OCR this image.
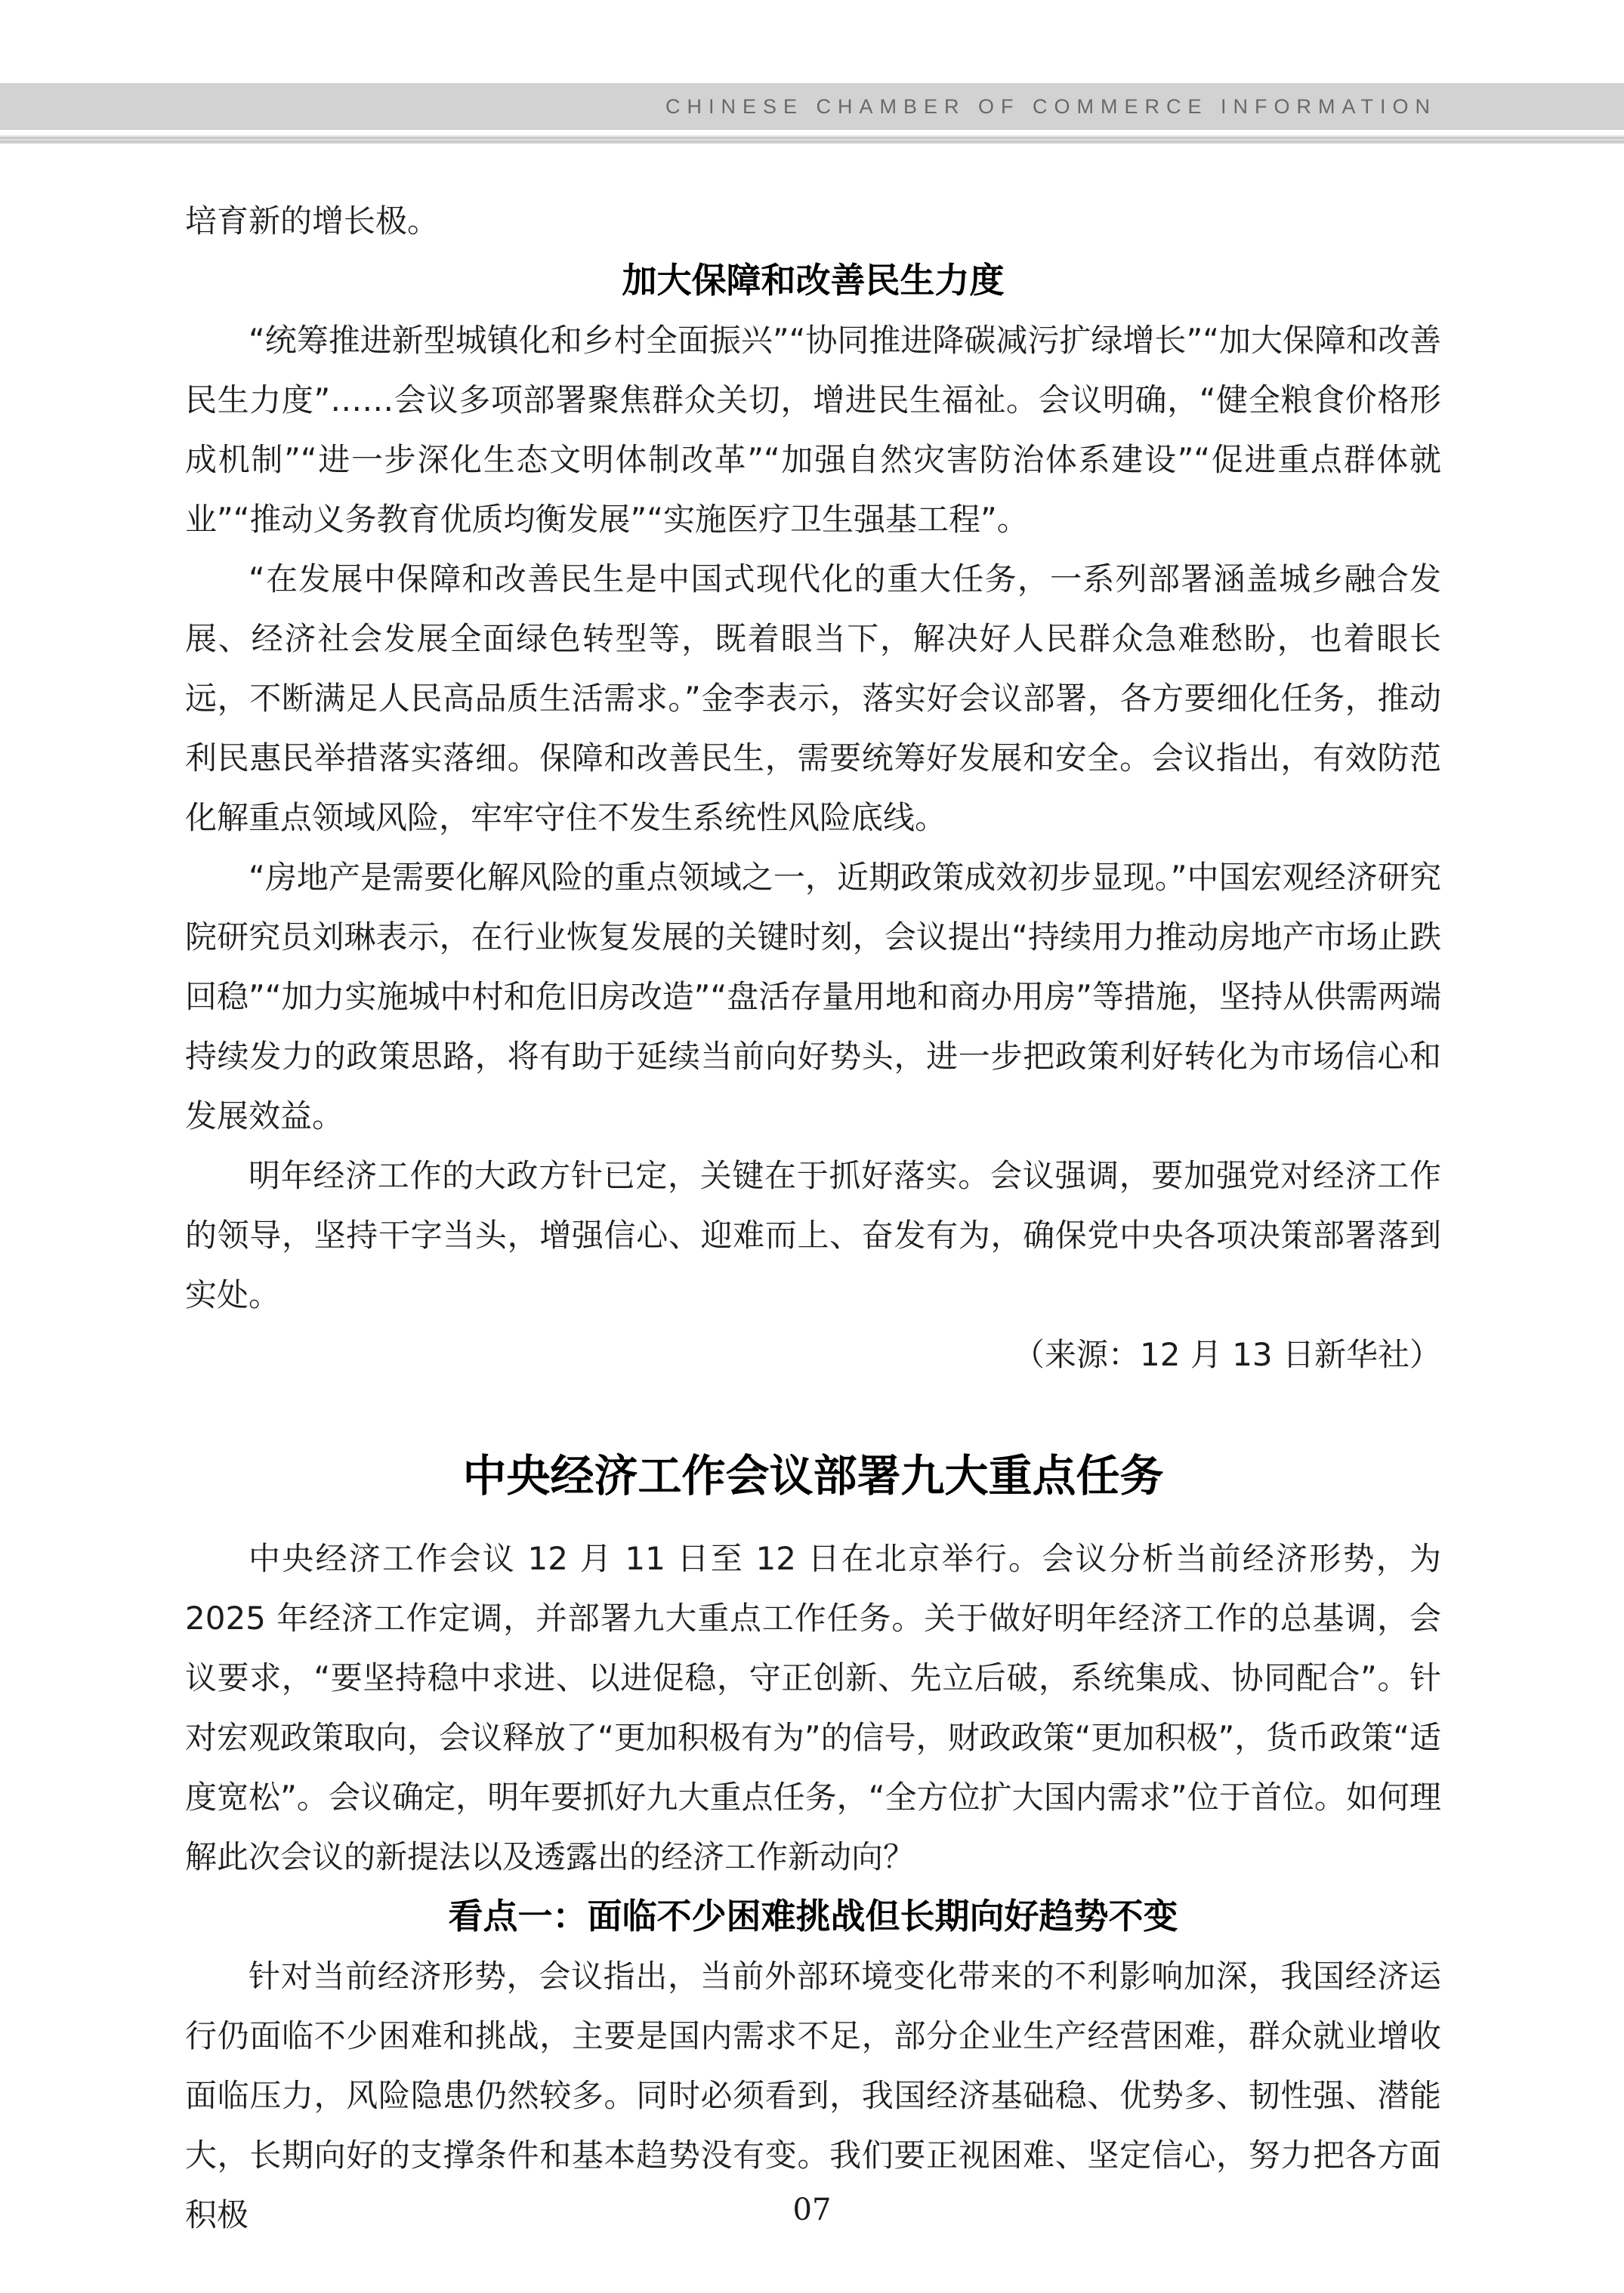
CHINESE CHAMBER OF COMMERCE INFORMATION

培育新的增长极。

加大保障和改善民生力度

“统筹推进新型城镇化和乡村全面振兴”“协同推进降碳减污扩绿增长”“加大保障和改善民生力度”……会议多项部署聚焦群众关切，增进民生福祉。会议明确，“健全粮食价格形成机制”“进一步深化生态文明体制改革”“加强自然灾害防治体系建设”“促进重点群体就业”“推动义务教育优质均衡发展”“实施医疗卫生强基工程”。

“在发展中保障和改善民生是中国式现代化的重大任务，一系列部署涵盖城乡融合发展、经济社会发展全面绿色转型等，既着眼当下，解决好人民群众急难愁盼，也着眼长远，不断满足人民高品质生活需求。”金李表示，落实好会议部署，各方要细化任务，推动利民惠民举措落实落细。保障和改善民生，需要统筹好发展和安全。会议指出，有效防范化解重点领域风险，牢牢守住不发生系统性风险底线。

“房地产是需要化解风险的重点领域之一，近期政策成效初步显现。”中国宏观经济研究院研究员刘琳表示，在行业恢复发展的关键时刻，会议提出“持续用力推动房地产市场止跌回稳”“加力实施城中村和危旧房改造”“盘活存量用地和商办用房”等措施，坚持从供需两端持续发力的政策思路，将有助于延续当前向好势头，进一步把政策利好转化为市场信心和发展效益。

明年经济工作的大政方针已定，关键在于抓好落实。会议强调，要加强党对经济工作的领导，坚持干字当头，增强信心、迎难而上、奋发有为，确保党中央各项决策部署落到实处。

（来源：12 月 13 日新华社）

中央经济工作会议部署九大重点任务

中央经济工作会议 12 月 11 日至 12 日在北京举行。会议分析当前经济形势，为 2025 年经济工作定调，并部署九大重点工作任务。关于做好明年经济工作的总基调，会议要求，“要坚持稳中求进、以进促稳，守正创新、先立后破，系统集成、协同配合”。针对宏观政策取向，会议释放了“更加积极有为”的信号，财政政策“更加积极”，货币政策“适度宽松”。会议确定，明年要抓好九大重点任务，“全方位扩大国内需求”位于首位。如何理解此次会议的新提法以及透露出的经济工作新动向？

看点一：面临不少困难挑战但长期向好趋势不变

针对当前经济形势，会议指出，当前外部环境变化带来的不利影响加深，我国经济运行仍面临不少困难和挑战，主要是国内需求不足，部分企业生产经营困难，群众就业增收面临压力，风险隐患仍然较多。同时必须看到，我国经济基础稳、优势多、韧性强、潜能大，长期向好的支撑条件和基本趋势没有变。我们要正视困难、坚定信心，努力把各方面积极	07
